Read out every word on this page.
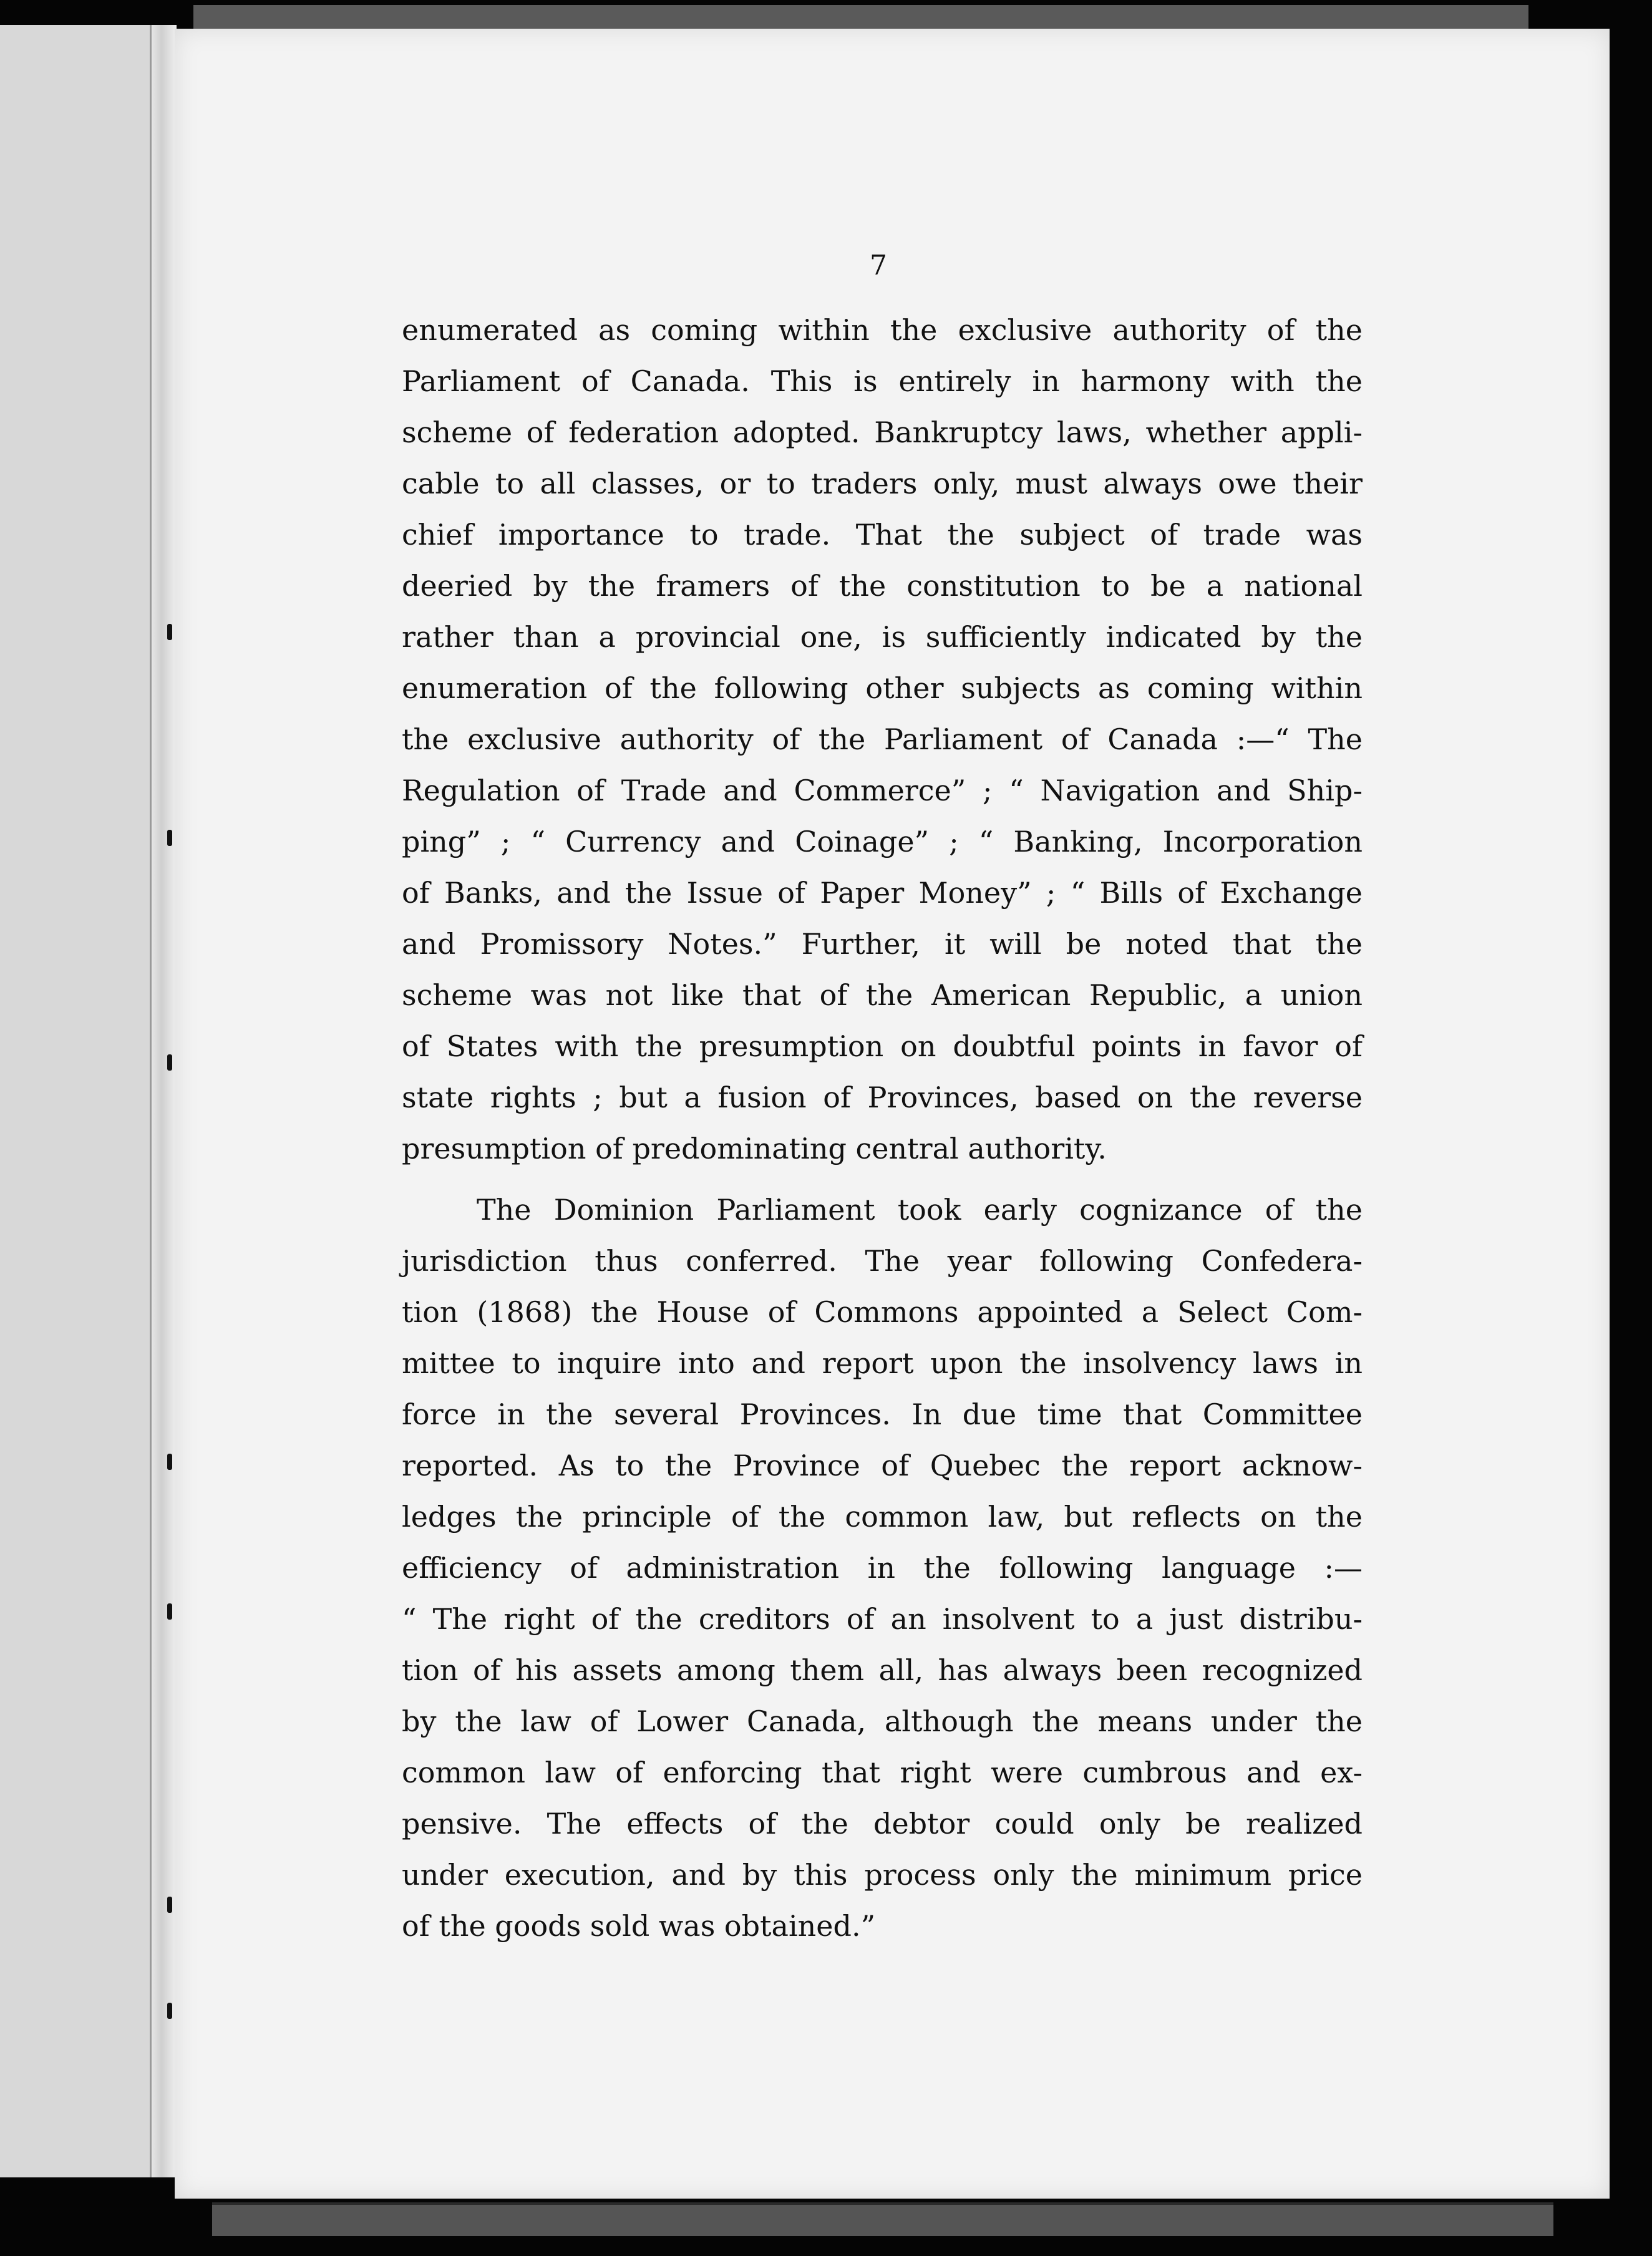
7
enumerated as coming within the exclusive authority of the
Parliament of Canada. This is entirely in harmony with the
scheme of federation adopted. Bankruptcy laws, whether appli-
cable to all classes, or to traders only, must always owe their
chief importance to trade. That the subject of trade was
deeried by the framers of the constitution to be a national
rather than a provincial one, is sufficiently indicated by the
enumeration of the following other subjects as coming within
the exclusive authority of the Parliament of Canada :—“ The
Regulation of Trade and Commerce” ; “ Navigation and Ship-
ping” ; “ Currency and Coinage” ; “ Banking, Incorporation
of Banks, and the Issue of Paper Money” ; “ Bills of Exchange
and Promissory Notes.” Further, it will be noted that the
scheme was not like that of the American Republic, a union
of States with the presumption on doubtful points in favor of
state rights ; but a fusion of Provinces, based on the reverse
presumption of predominating central authority.
The Dominion Parliament took early cognizance of the
jurisdiction thus conferred. The year following Confedera-
tion (1868) the House of Commons appointed a Select Com-
mittee to inquire into and report upon the insolvency laws in
force in the several Provinces. In due time that Committee
reported. As to the Province of Quebec the report acknow-
ledges the principle of the common law, but reflects on the
efficiency of administration in the following language :—
“ The right of the creditors of an insolvent to a just distribu-
tion of his assets among them all, has always been recognized
by the law of Lower Canada, although the means under the
common law of enforcing that right were cumbrous and ex-
pensive. The effects of the debtor could only be realized
under execution, and by this process only the minimum price
of the goods sold was obtained.”
